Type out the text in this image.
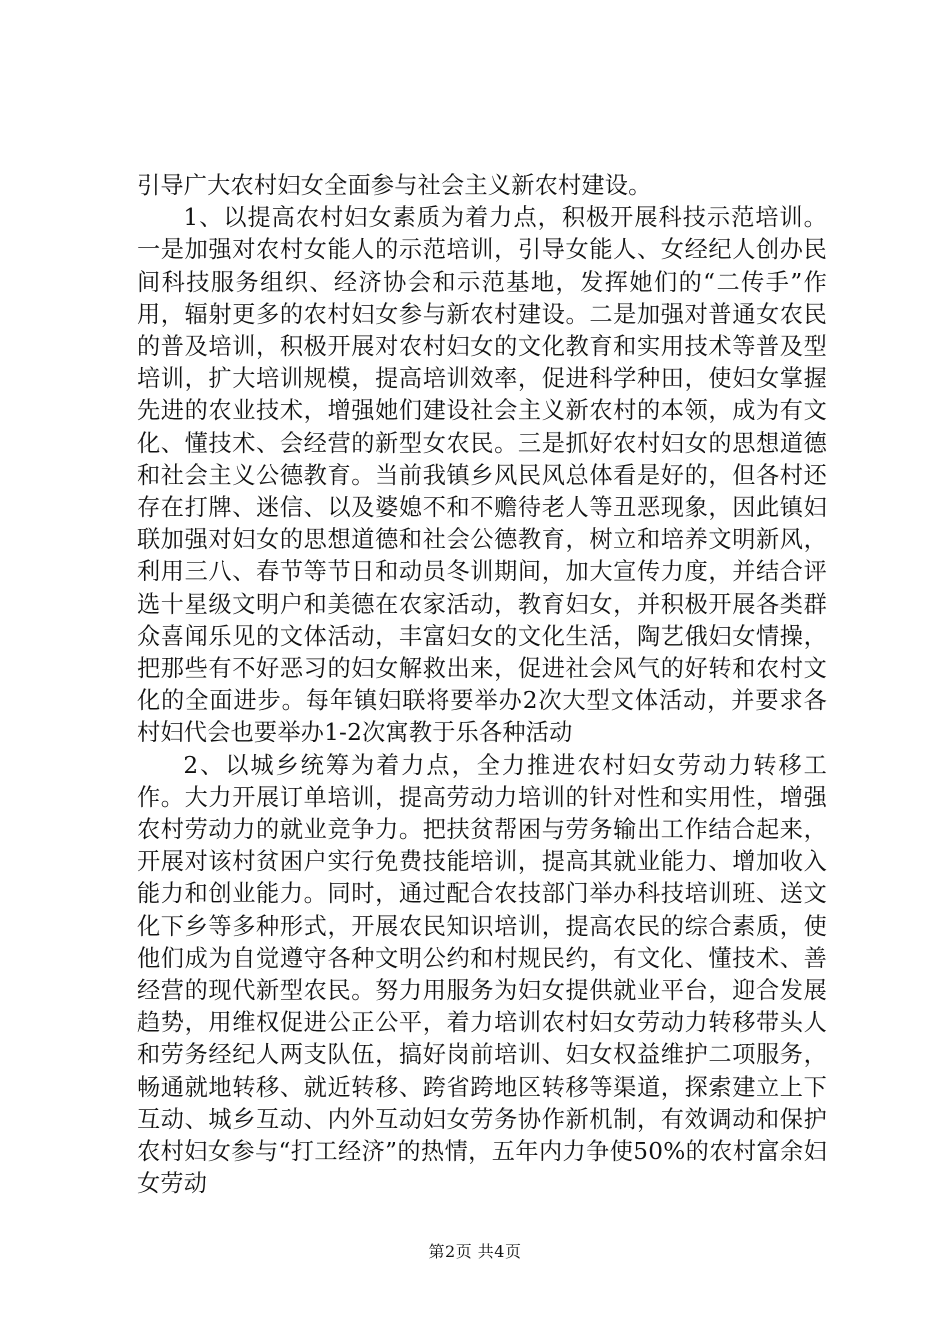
引导广大农村妇女全面参与社会主义新农村建设。

1、以提高农村妇女素质为着力点，积极开展科技示范培训。一是加强对农村女能人的示范培训，引导女能人、女经纪人创办民间科技服务组织、经济协会和示范基地，发挥她们的“二传手”作用，辐射更多的农村妇女参与新农村建设。二是加强对普通女农民的普及培训，积极开展对农村妇女的文化教育和实用技术等普及型培训，扩大培训规模，提高培训效率，促进科学种田，使妇女掌握先进的农业技术，增强她们建设社会主义新农村的本领，成为有文化、懂技术、会经营的新型女农民。三是抓好农村妇女的思想道德和社会主义公德教育。当前我镇乡风民风总体看是好的，但各村还存在打牌、迷信、以及婆媳不和不赡待老人等丑恶现象，因此镇妇联加强对妇女的思想道德和社会公德教育，树立和培养文明新风，利用三八、春节等节日和动员冬训期间，加大宣传力度，并结合评选十星级文明户和美德在农家活动，教育妇女，并积极开展各类群众喜闻乐见的文体活动，丰富妇女的文化生活，陶艺俄妇女情操，把那些有不好恶习的妇女解救出来，促进社会风气的好转和农村文化的全面进步。每年镇妇联将要举办2次大型文体活动，并要求各村妇代会也要举办1-2次寓教于乐各种活动

2、以城乡统筹为着力点，全力推进农村妇女劳动力转移工作。大力开展订单培训，提高劳动力培训的针对性和实用性，增强农村劳动力的就业竞争力。把扶贫帮困与劳务输出工作结合起来，开展对该村贫困户实行免费技能培训，提高其就业能力、增加收入能力和创业能力。同时，通过配合农技部门举办科技培训班、送文化下乡等多种形式，开展农民知识培训，提高农民的综合素质，使他们成为自觉遵守各种文明公约和村规民约，有文化、懂技术、善经营的现代新型农民。努力用服务为妇女提供就业平台，迎合发展趋势，用维权促进公正公平，着力培训农村妇女劳动力转移带头人和劳务经纪人两支队伍，搞好岗前培训、妇女权益维护二项服务，畅通就地转移、就近转移、跨省跨地区转移等渠道，探索建立上下互动、城乡互动、内外互动妇女劳务协作新机制，有效调动和保护农村妇女参与“打工经济”的热情，五年内力争使50%的农村富余妇女劳动

第2页 共4页
